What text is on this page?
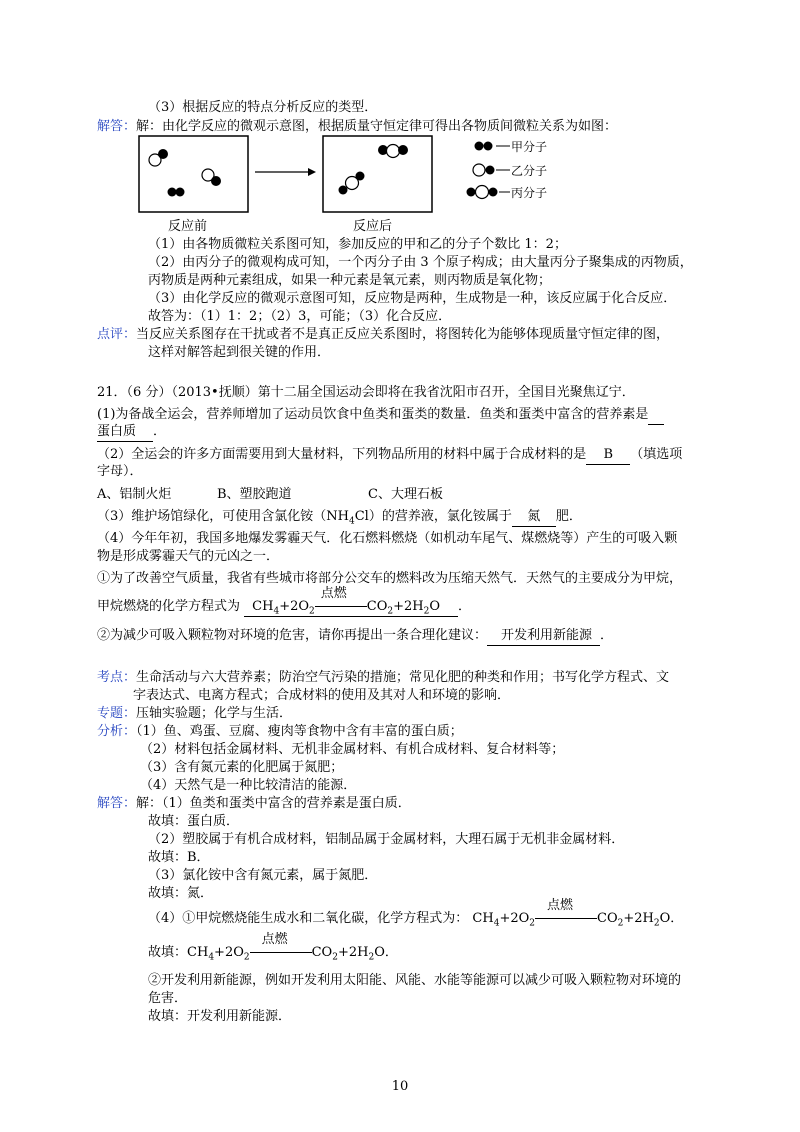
（3）根据反应的特点分析反应的类型．
解答：解：由化学反应的微观示意图，根据质量守恒定律可得出各物质间微粒关系为如图：
反应前	反应后
甲分子
乙分子
丙分子
（1）由各物质微粒关系图可知，参加反应的甲和乙的分子个数比 1：2；
（2）由丙分子的微观构成可知，一个丙分子由 3 个原子构成；由大量丙分子聚集成的丙物质，
丙物质是两种元素组成，如果一种元素是氧元素，则丙物质是氧化物；
（3）由化学反应的微观示意图可知，反应物是两种，生成物是一种，该反应属于化合反应．
故答为：（1）1：2；（2）3，可能；（3）化合反应．
点评：当反应关系图存在干扰或者不是真正反应关系图时，将图转化为能够体现质量守恒定律的图，
这样对解答起到很关键的作用．
21．（6 分）（2013•抚顺）第十二届全国运动会即将在我省沈阳市召开，全国目光聚焦辽宁．
(1)为备战全运会，营养师增加了运动员饮食中鱼类和蛋类的数量．鱼类和蛋类中富含的营养素是
蛋白质 ．
（2）全运会的许多方面需要用到大量材料，下列物品所用的材料中属于合成材料的是 B （填选项
字母）．
A、铝制火炬	B、塑胶跑道	C、大理石板
（3）维护场馆绿化，可使用含氯化铵$(NH_4Cl)$的营养液，氯化铵属于 氮 肥．
（4）今年年初，我国多地爆发雾霾天气．化石燃料燃烧（如机动车尾气、煤燃烧等）产生的可吸入颗
物是形成雾霾天气的元凶之一．
①为了改善空气质量，我省有些城市将部分公交车的燃料改为压缩天然气．天然气的主要成分为甲烷，
甲烷燃烧的化学方程式为 $CH_4+2O_2$
点燃
$CO_2+2H_2O$ ．
②为减少可吸入颗粒物对环境的危害，请你再提出一条合理化建议： 开发利用新能源 ．
考点：生命活动与六大营养素；防治空气污染的措施；常见化肥的种类和作用；书写化学方程式、文
字表达式、电离方程式；合成材料的使用及其对人和环境的影响．
专题：压轴实验题；化学与生活．
分析：（1）鱼、鸡蛋、豆腐、瘦肉等食物中含有丰富的蛋白质；
（2）材料包括金属材料、无机非金属材料、有机合成材料、复合材料等；
（3）含有氮元素的化肥属于氮肥；
（4）天然气是一种比较清洁的能源．
解答：解：（1）鱼类和蛋类中富含的营养素是蛋白质．
故填：蛋白质．
（2）塑胶属于有机合成材料，铝制品属于金属材料，大理石属于无机非金属材料．
故填：B．
（3）氯化铵中含有氮元素，属于氮肥．
故填：氮．
（4）①甲烷燃烧能生成水和二氧化碳，化学方程式为： $CH_4+2O_2$
点燃
$CO_2+2H_2O$．
故填：$CH_4+2O_2$
点燃
$CO_2+2H_2O$．
②开发利用新能源，例如开发利用太阳能、风能、水能等能源可以减少可吸入颗粒物对环境的
危害．
故填：开发利用新能源．
10
